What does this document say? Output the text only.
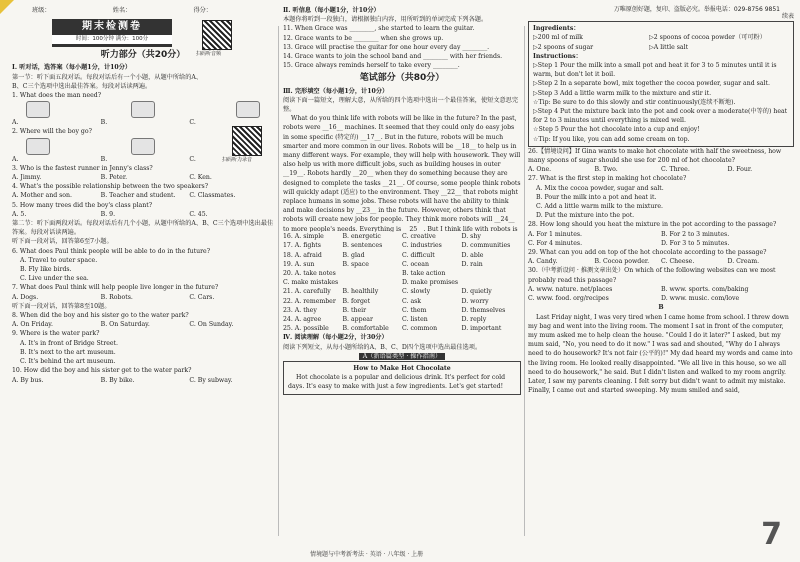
万唯原创好题，复印、盗版必究。举报电话：029-8756 9851
班级：	姓名：	得分：
期末检测卷
时间：100分钟 满分：100分
扫码听音频
听力部分（共20分）
扫码听力录音
Ⅰ. 听对话，选答案（每小题1分，计10分）
第一节：听下面五段对话。每段对话后有一个小题，从题中所给的A、B、C三个选项中选出最佳答案。每段对话读两遍。
1. What does the man need?
A.	B.	C.
2. Where will the boy go?
A.	B.	C.
3. Who is the fastest runner in Jenny's class?
A. Jimmy.	B. Peter.	C. Ken.
4. What's the possible relationship between the two speakers?
A. Mother and son.	B. Teacher and student.	C. Classmates.
5. How many trees did the boy's class plant?
A. 5.	B. 9.	C. 45.
第二节：听下面两段对话。每段对话后有几个小题，从题中所给的A、B、C三个选项中选出最佳答案。每段对话读两遍。
听下面一段对话，回答第6至7小题。
6. What does Paul think people will be able to do in the future?
A. Travel to outer space.
B. Fly like birds.
C. Live under the sea.
7. What does Paul think will help people live longer in the future?
A. Dogs.	B. Robots.	C. Cars.
听下面一段对话，回答第8至10题。
8. When did the boy and his sister go to the water park?
A. On Friday.	B. On Saturday.	C. On Sunday.
9. Where is the water park?
A. It's in front of Bridge Street.
B. It's next to the art museum.
C. It's behind the art museum.
10. How did the boy and his sister get to the water park?
A. By bus.	B. By bike.	C. By subway.
Ⅱ. 听信息（每小题1分，计10分）
本题你将听到一段独白，请根据独白内容，用所听到的单词完成下列各题。
11. When Grace was ________, she started to learn the guitar.
12. Grace wants to be ________ when she grows up.
13. Grace will practise the guitar for one hour every day ________.
14. Grace wants to join the school band and ________ with her friends.
15. Grace always reminds herself to take every ________.
笔试部分（共80分）
Ⅲ. 完形填空（每小题1分，计10分）
阅读下面一篇短文，理解大意，从所给的四个选项中选出一个最佳答案，使短文意思完整。
What do you think life with robots will be like in the future? In the past, robots were __16__ machines. It seemed that they could only do easy jobs in some specific (特定的) __17__. But in the future, robots will be much smarter and more common in our lives. Robots will be __18__ to help us in many different ways. For example, they will help with housework. They will also help us with more difficult jobs, such as building houses in outer __19__. Robots hardly __20__ when they do something because they are designed to complete the tasks __21__. Of course, some people think robots will quickly adapt (适应) to the environment. They __22__ that robots might replace humans in some jobs. These robots will have the ability to think and make decisions by __23__ in the future. However, others think that robots will create new jobs for people. They think more robots will __24__ to more people's needs. Everything is __25__. But I think life with robots is
16. A. simple	B. energetic	C. creative	D. shy
17. A. fights	B. sentences	C. industries	D. communities
18. A. afraid	B. glad	C. difficult	D. able
19. A. sun	B. space	C. ocean	D. rain
20. A. take notes	B. take action
C. make mistakes	D. make promises
21. A. carefully	B. healthily	C. slowly	D. quietly
22. A. remember	B. forget	C. ask	D. worry
23. A. they	B. their	C. them	D. themselves
24. A. agree	B. appear	C. listen	D. reply
25. A. possible	B. comfortable	C. common	D. important
Ⅳ. 阅读理解（每小题2分，计30分）
阅读下列短文，从每小题所给的A、B、C、D四个选项中选出最佳选项。
A（新语篇类型 · 操作指南）
How to Make Hot Chocolate
Hot chocolate is a popular and delicious drink. It's perfect for cold days. It's easy to make with just a few ingredients. Let's get started!
续表
Ingredients：
▷200 ml of milk	▷2 spoons of cocoa powder（可可粉）
▷2 spoons of sugar	▷A little salt
Instructions：
▷Step 1 Pour the milk into a small pot and heat it for 3 to 5 minutes until it is warm, but don't let it boil.
▷Step 2 In a separate bowl, mix together the cocoa powder, sugar and salt.
▷Step 3 Add a little warm milk to the mixture and stir it.
☆Tip: Be sure to do this slowly and stir continuously(连续不断地).
▷Step 4 Put the mixture back into the pot and cook over a moderate(中等的) heat for 2 to 3 minutes until everything is mixed well.
☆Step 5 Pour the hot chocolate into a cup and enjoy!
☆Tip: If you like, you can add some cream on top.
26.【情境设问】If Gina wants to make hot chocolate with half the sweetness, how many spoons of sugar should she use for 200 ml of hot chocolate?
A. One.	B. Two.	C. Three.	D. Four.
27. What is the first step in making hot chocolate?
A. Mix the cocoa powder, sugar and salt.
B. Pour the milk into a pot and heat it.
C. Add a little warm milk to the mixture.
D. Put the mixture into the pot.
28. How long should you heat the mixture in the pot according to the passage?
A. For 1 minutes.	B. For 2 to 3 minutes.
C. For 4 minutes.	D. For 3 to 5 minutes.
29. What can you add on top of the hot chocolate according to the passage?
A. Candy.	B. Cocoa powder.	C. Cheese.	D. Cream.
30.（中考新设问 · 推测文章出处）On which of the following websites can we most probably read this passage?
A. www. nature. net/places	B. www. sports. com/baking
C. www. food. org/recipes	D. www. music. com/love
B
Last Friday night, I was very tired when I came home from school. I threw down my bag and went into the living room. The moment I sat in front of the computer, my mum asked me to help clean the house. "Could I do it later?" I asked, but my mum said, "No, you need to do it now." I was sad and shouted, "Why do I always need to do housework? It's not fair (公平的)!" My dad heard my words and came into the living room. He looked really disappointed. "We all live in this house, so we all need to do housework," he said. But I didn't listen and walked to my room angrily. Later, I saw my parents cleaning. I felt sorry but didn't want to admit my mistake. Finally, I came out and started sweeping. My mum smiled and said,
情境题与中考新考法 · 英语 · 八年级 · 上册
7
